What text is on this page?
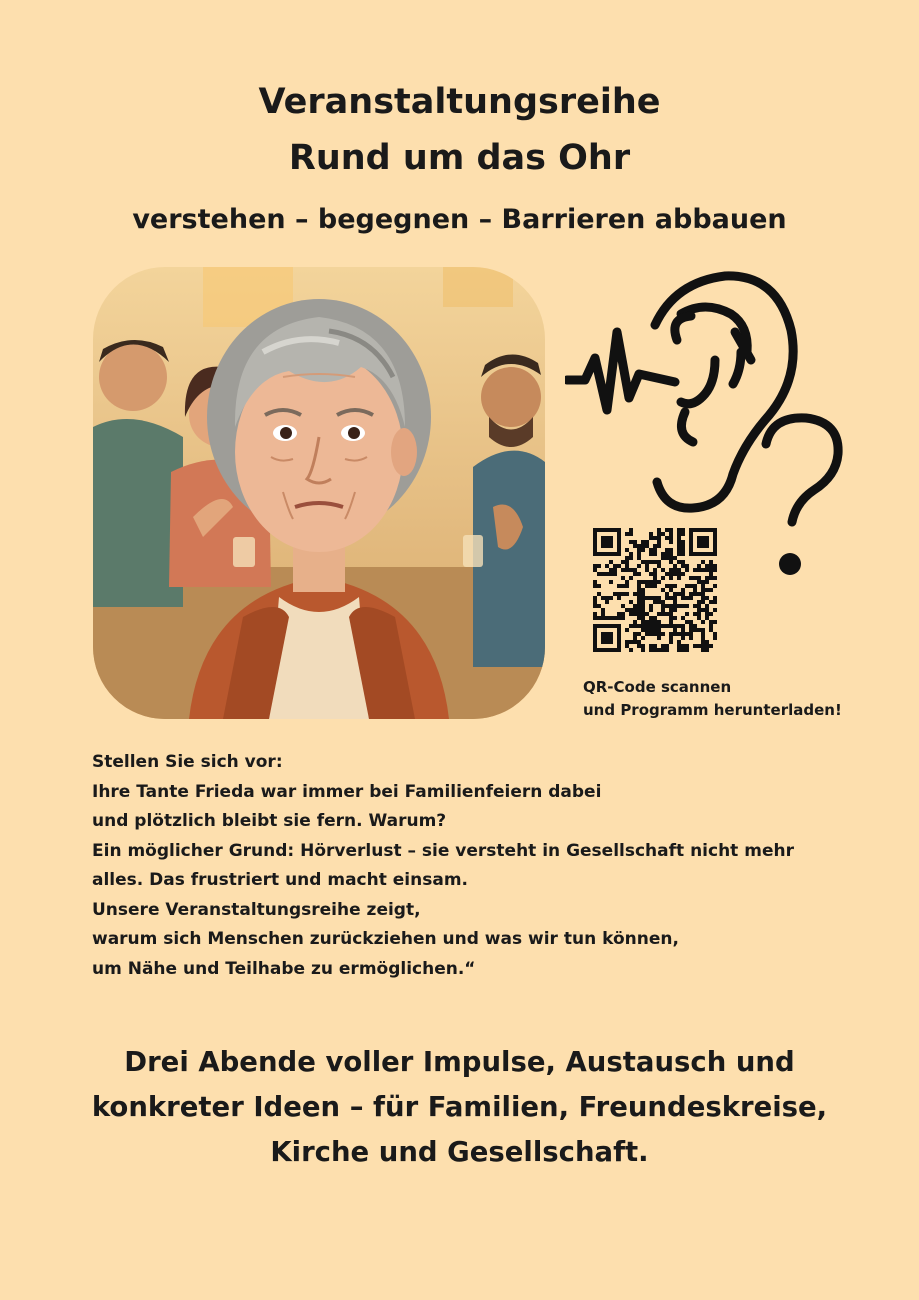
Veranstaltungsreihe
Rund um das Ohr
verstehen – begegnen – Barrieren abbauen
QR-Code scannen
und Programm herunterladen!
Stellen Sie sich vor:
Ihre Tante Frieda war immer bei Familienfeiern dabei
und plötzlich bleibt sie fern. Warum?
Ein möglicher Grund: Hörverlust – sie versteht in Gesellschaft nicht mehr
alles. Das frustriert und macht einsam.
Unsere Veranstaltungsreihe zeigt,
warum sich Menschen zurückziehen und was wir tun können,
um Nähe und Teilhabe zu ermöglichen.“
Drei Abende voller Impulse, Austausch und
konkreter Ideen – für Familien, Freundeskreise,
Kirche und Gesellschaft.
